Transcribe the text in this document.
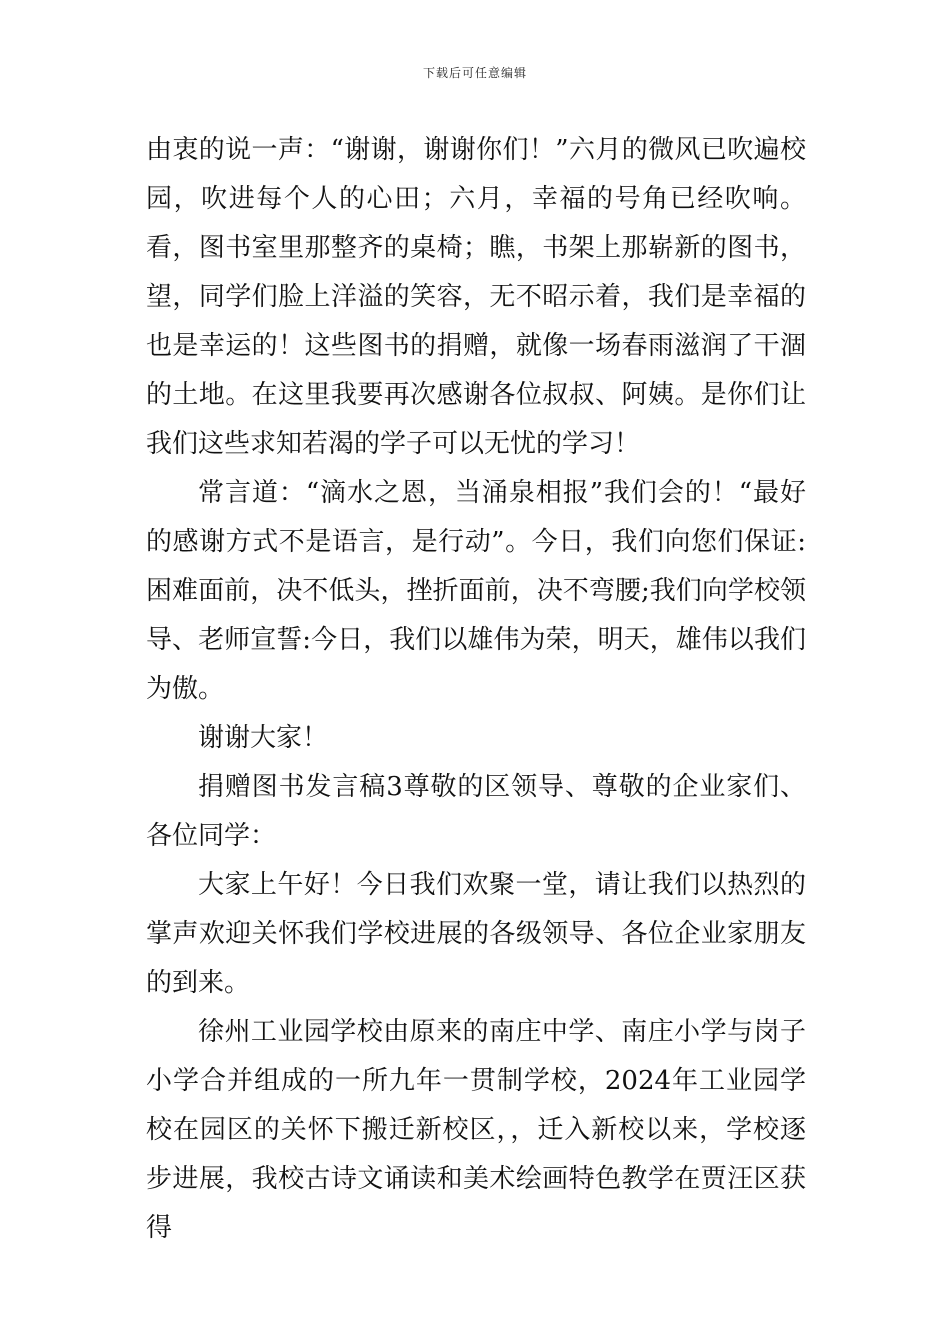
下载后可任意编辑

由衷的说一声：“谢谢，谢谢你们！”六月的微风已吹遍校园，吹进每个人的心田；六月，幸福的号角已经吹响。看，图书室里那整齐的桌椅；瞧，书架上那崭新的图书，望，同学们脸上洋溢的笑容，无不昭示着，我们是幸福的也是幸运的！这些图书的捐赠，就像一场春雨滋润了干涸的土地。在这里我要再次感谢各位叔叔、阿姨。是你们让我们这些求知若渴的学子可以无忧的学习！

常言道：“滴水之恩，当涌泉相报”我们会的！“最好的感谢方式不是语言，是行动”。今日，我们向您们保证:困难面前，决不低头，挫折面前，决不弯腰;我们向学校领导、老师宣誓:今日，我们以雄伟为荣，明天，雄伟以我们为傲。

谢谢大家！

捐赠图书发言稿3尊敬的区领导、尊敬的企业家们、各位同学：

大家上午好！今日我们欢聚一堂，请让我们以热烈的掌声欢迎关怀我们学校进展的各级领导、各位企业家朋友的到来。

徐州工业园学校由原来的南庄中学、南庄小学与岗子小学合并组成的一所九年一贯制学校，2024年工业园学校在园区的关怀下搬迁新校区，，迁入新校以来，学校逐步进展，我校古诗文诵读和美术绘画特色教学在贾汪区获得
